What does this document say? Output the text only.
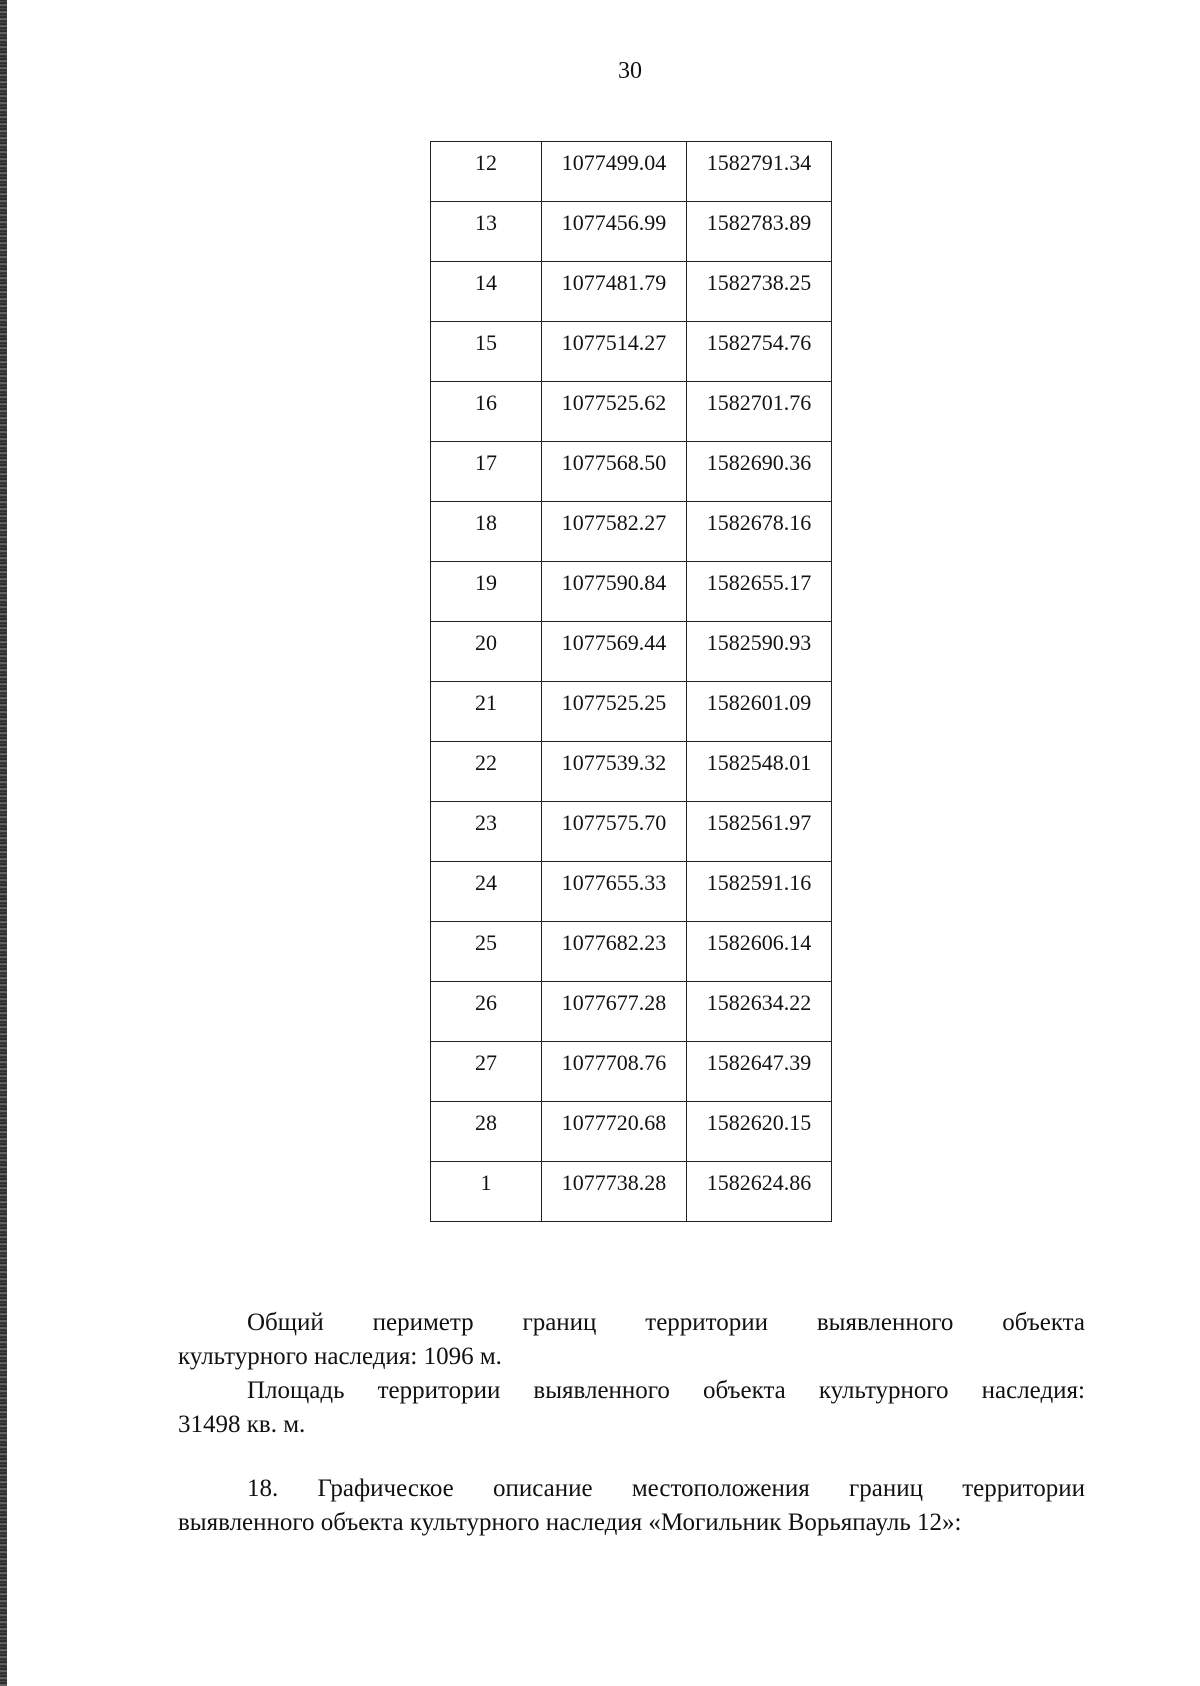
30
12	1077499.04	1582791.34

13	1077456.99	1582783.89

14	1077481.79	1582738.25

15	1077514.27	1582754.76

16	1077525.62	1582701.76

17	1077568.50	1582690.36

18	1077582.27	1582678.16

19	1077590.84	1582655.17

20	1077569.44	1582590.93

21	1077525.25	1582601.09

22	1077539.32	1582548.01

23	1077575.70	1582561.97

24	1077655.33	1582591.16

25	1077682.23	1582606.14

26	1077677.28	1582634.22

27	1077708.76	1582647.39

28	1077720.68	1582620.15

1	1077738.28	1582624.86
Общий периметр границ территории выявленного объекта
культурного наследия: 1096 м.
Площадь территории выявленного объекта культурного наследия:
31498 кв. м.
18. Графическое описание местоположения границ территории
выявленного объекта культурного наследия «Могильник Ворьяпауль 12»:
